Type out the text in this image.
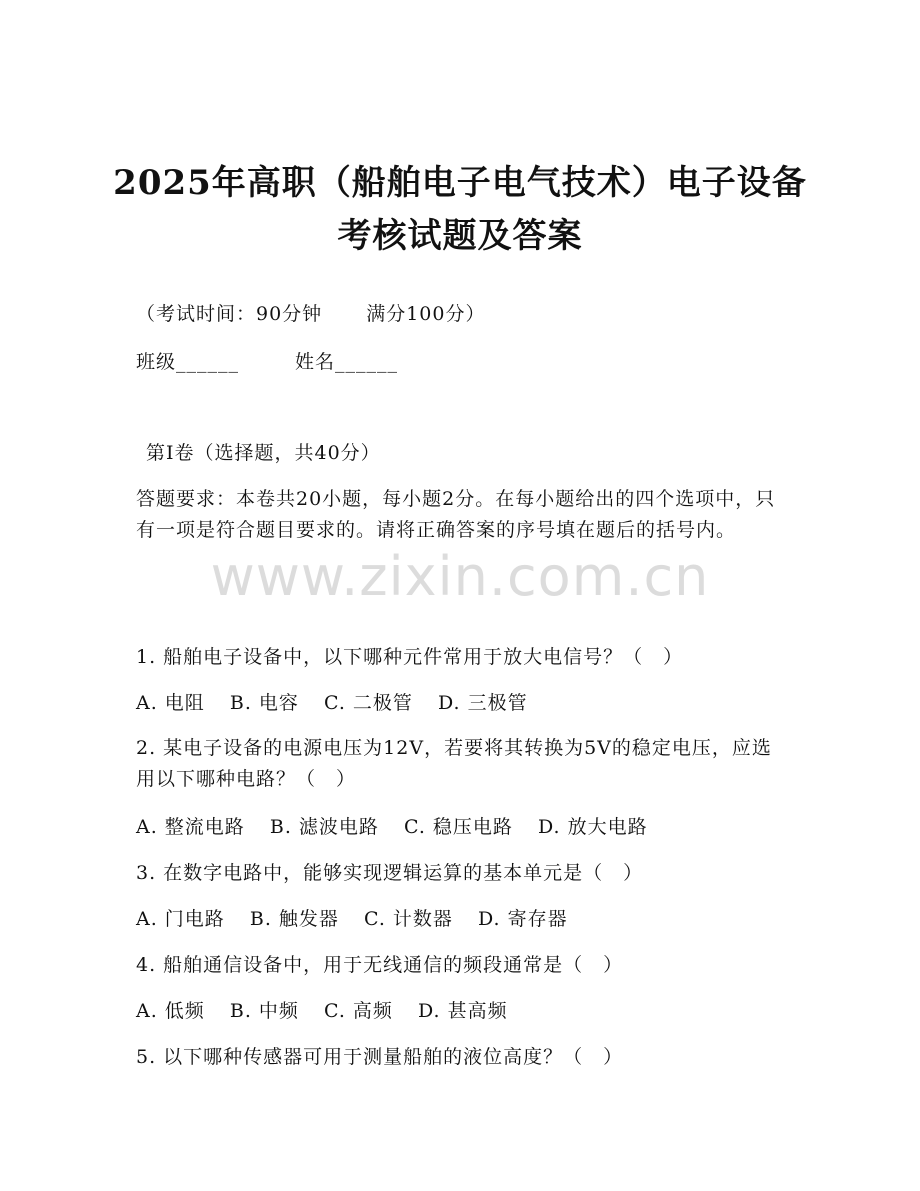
2025年高职（船舶电子电气技术）电子设备
考核试题及答案
（考试时间：90分钟 满分100分）
班级______	姓名______
第I卷（选择题，共40分）
答题要求：本卷共20小题，每小题2分。在每小题给出的四个选项中，只有一项是符合题目要求的。请将正确答案的序号填在题后的括号内。
www.zixin.com.cn
1. 船舶电子设备中，以下哪种元件常用于放大电信号？（　）
A. 电阻 B. 电容 C. 二极管 D. 三极管
2. 某电子设备的电源电压为12V，若要将其转换为5V的稳定电压，应选用以下哪种电路？（　）
A. 整流电路 B. 滤波电路 C. 稳压电路 D. 放大电路
3. 在数字电路中，能够实现逻辑运算的基本单元是（　）
A. 门电路 B. 触发器 C. 计数器 D. 寄存器
4. 船舶通信设备中，用于无线通信的频段通常是（　）
A. 低频 B. 中频 C. 高频 D. 甚高频
5. 以下哪种传感器可用于测量船舶的液位高度？（　）
